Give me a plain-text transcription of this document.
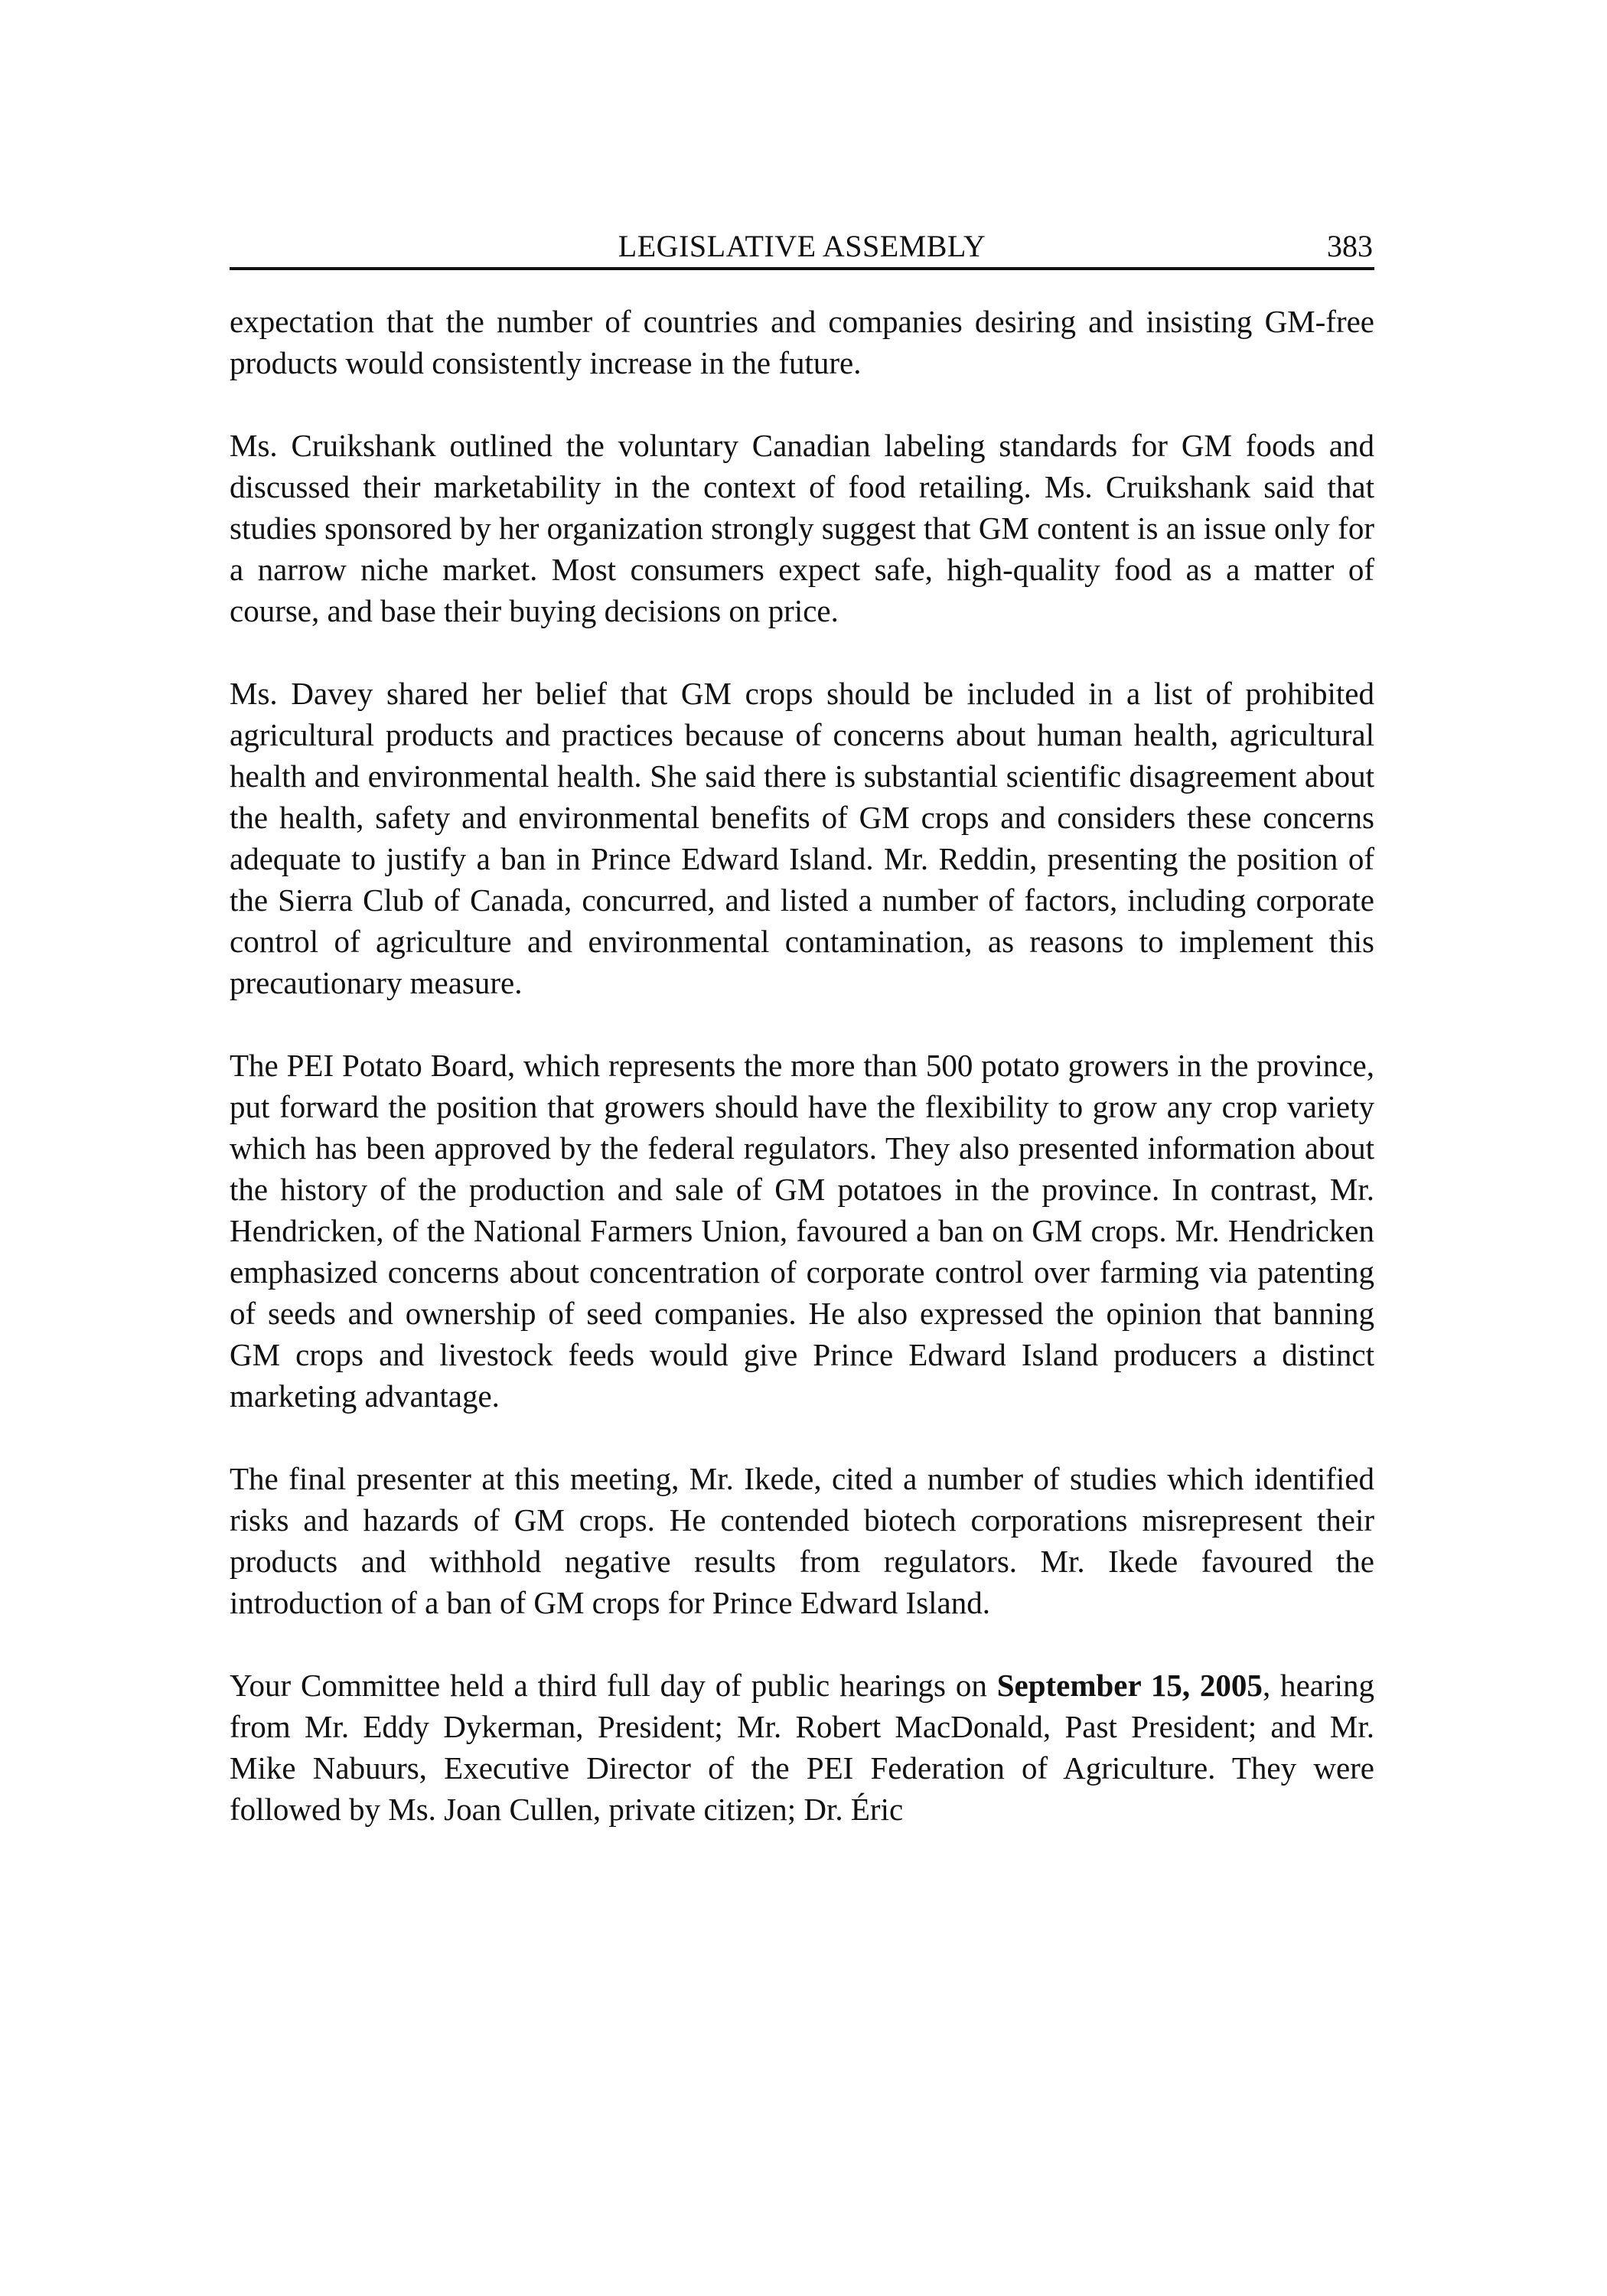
LEGISLATIVE ASSEMBLY	383

expectation that the number of countries and companies desiring and insisting GM-free products would consistently increase in the future.

Ms. Cruikshank outlined the voluntary Canadian labeling standards for GM foods and discussed their marketability in the context of food retailing. Ms. Cruikshank said that studies sponsored by her organization strongly suggest that GM content is an issue only for a narrow niche market. Most consumers expect safe, high-quality food as a matter of course, and base their buying decisions on price.

Ms. Davey shared her belief that GM crops should be included in a list of prohibited agricultural products and practices because of concerns about human health, agricultural health and environmental health. She said there is substantial scientific disagreement about the health, safety and environmental benefits of GM crops and considers these concerns adequate to justify a ban in Prince Edward Island. Mr. Reddin, presenting the position of the Sierra Club of Canada, concurred, and listed a number of factors, including corporate control of agriculture and environmental contamination, as reasons to implement this precautionary measure.

The PEI Potato Board, which represents the more than 500 potato growers in the province, put forward the position that growers should have the flexibility to grow any crop variety which has been approved by the federal regulators. They also presented information about the history of the production and sale of GM potatoes in the province. In contrast, Mr. Hendricken, of the National Farmers Union, favoured a ban on GM crops. Mr. Hendricken emphasized concerns about concentration of corporate control over farming via patenting of seeds and ownership of seed companies. He also expressed the opinion that banning GM crops and livestock feeds would give Prince Edward Island producers a distinct marketing advantage.

The final presenter at this meeting, Mr. Ikede, cited a number of studies which identified risks and hazards of GM crops. He contended biotech corporations misrepresent their products and withhold negative results from regulators. Mr. Ikede favoured the introduction of a ban of GM crops for Prince Edward Island.

Your Committee held a third full day of public hearings on September 15, 2005, hearing from Mr. Eddy Dykerman, President; Mr. Robert MacDonald, Past President; and Mr. Mike Nabuurs, Executive Director of the PEI Federation of Agriculture. They were followed by Ms. Joan Cullen, private citizen; Dr. Éric
